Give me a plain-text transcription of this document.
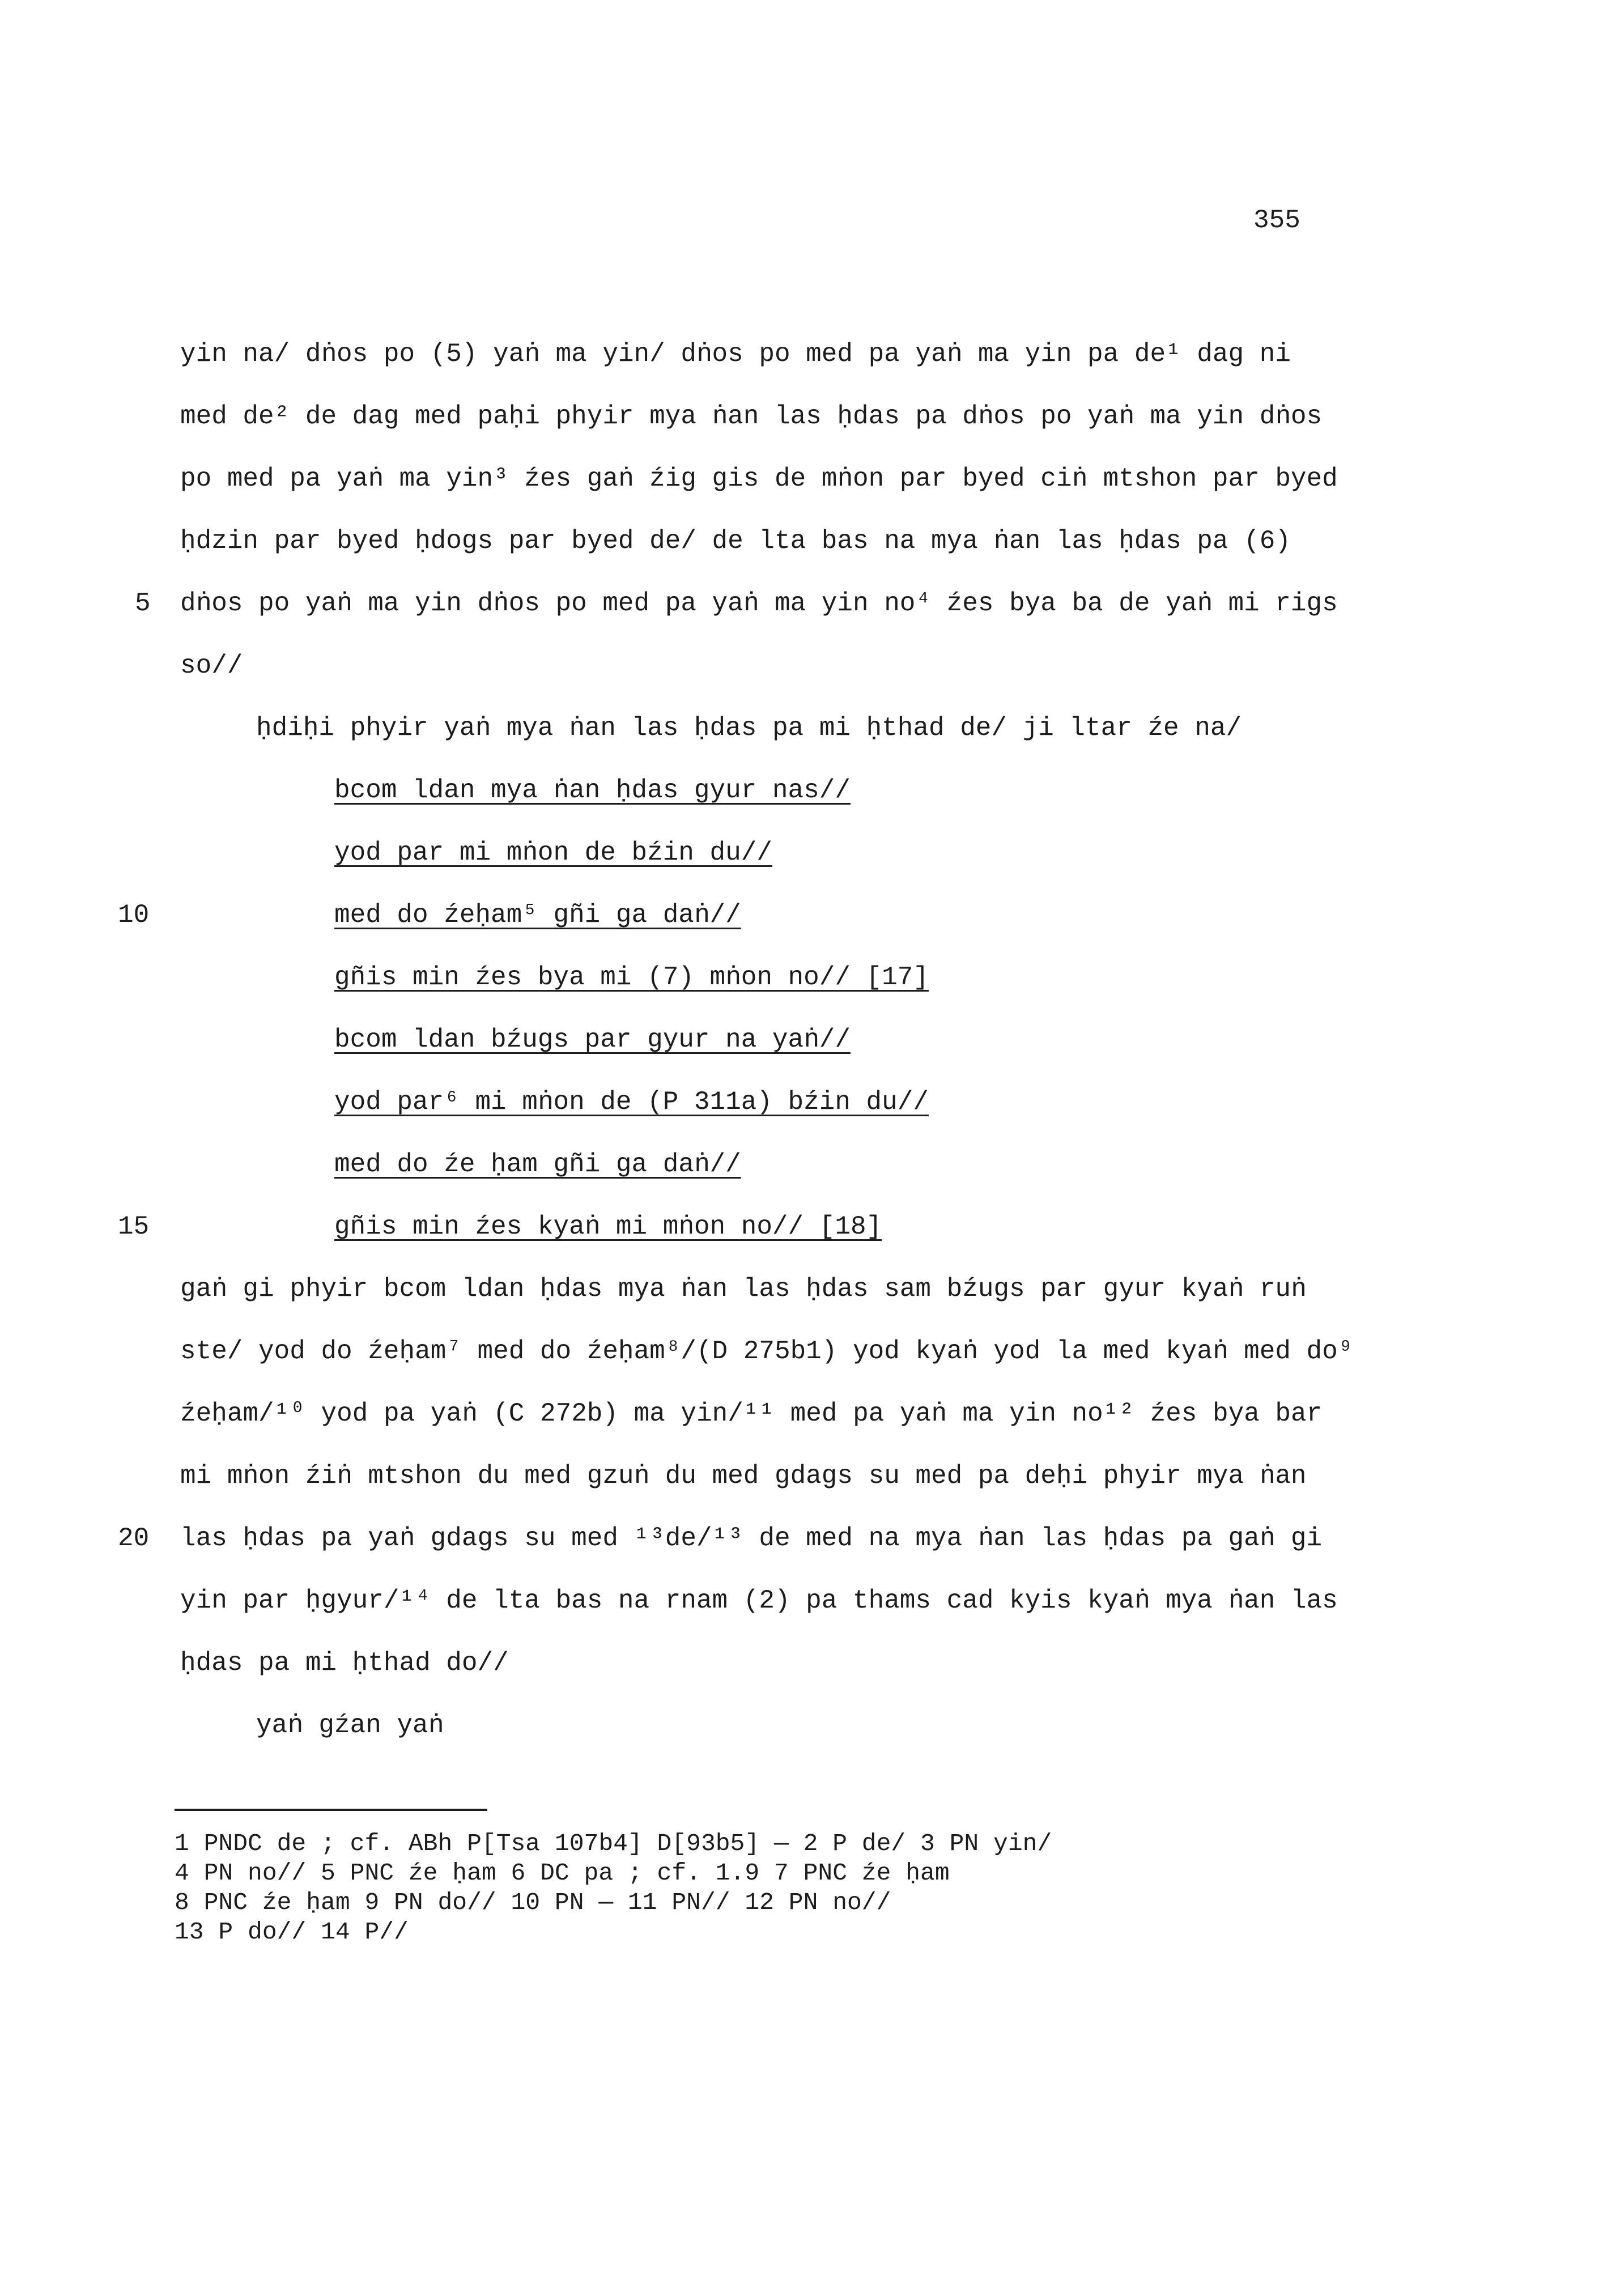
355
yin na/ dṅos po (5) yaṅ ma yin/ dṅos po med pa yaṅ ma yin pa de¹ dag ni
med de² de dag med paḥi phyir mya ṅan las ḥdas pa dṅos po yaṅ ma yin dṅos
po med pa yaṅ ma yin³ źes gaṅ źig gis de mṅon par byed ciṅ mtshon par byed
ḥdzin par byed ḥdogs par byed de/ de lta bas na mya ṅan las ḥdas pa (6)
5 dṅos po yaṅ ma yin dṅos po med pa yaṅ ma yin no⁴ źes bya ba de yaṅ mi rigs
so//
ḥdiḥi phyir yaṅ mya ṅan las ḥdas pa mi ḥthad de/ ji ltar źe na/
bcom ldan mya ṅan ḥdas gyur nas//
yod par mi mṅon de bźin du//
10	med do źeḥam⁵ gñi ga daṅ//
gñis min źes bya mi (7) mṅon no// [17]
bcom ldan bźugs par gyur na yaṅ//
yod par⁶ mi mṅon de (P 311a) bźin du//
med do źe ḥam gñi ga daṅ//
15	gñis min źes kyaṅ mi mṅon no// [18]
gaṅ gi phyir bcom ldan ḥdas mya ṅan las ḥdas sam bźugs par gyur kyaṅ ruṅ
ste/ yod do źeḥam⁷ med do źeḥam⁸/(D 275b1) yod kyaṅ yod la med kyaṅ med do⁹
źeḥam/¹⁰ yod pa yaṅ (C 272b) ma yin/¹¹ med pa yaṅ ma yin no¹² źes bya bar
mi mṅon źiṅ mtshon du med gzuṅ du med gdags su med pa deḥi phyir mya ṅan
20 las ḥdas pa yaṅ gdags su med ¹³de/¹³ de med na mya ṅan las ḥdas pa gaṅ gi
yin par ḥgyur/¹⁴ de lta bas na rnam (2) pa thams cad kyis kyaṅ mya ṅan las
ḥdas pa mi ḥthad do//
yaṅ gźan yaṅ
1 PNDC de ; cf. ABh P[Tsa 107b4] D[93b5] — 2 P de/ 3 PN yin/
4 PN no// 5 PNC źe ḥam 6 DC pa ; cf. 1.9 7 PNC źe ḥam
8 PNC źe ḥam 9 PN do// 10 PN — 11 PN// 12 PN no//
13 P do// 14 P//
